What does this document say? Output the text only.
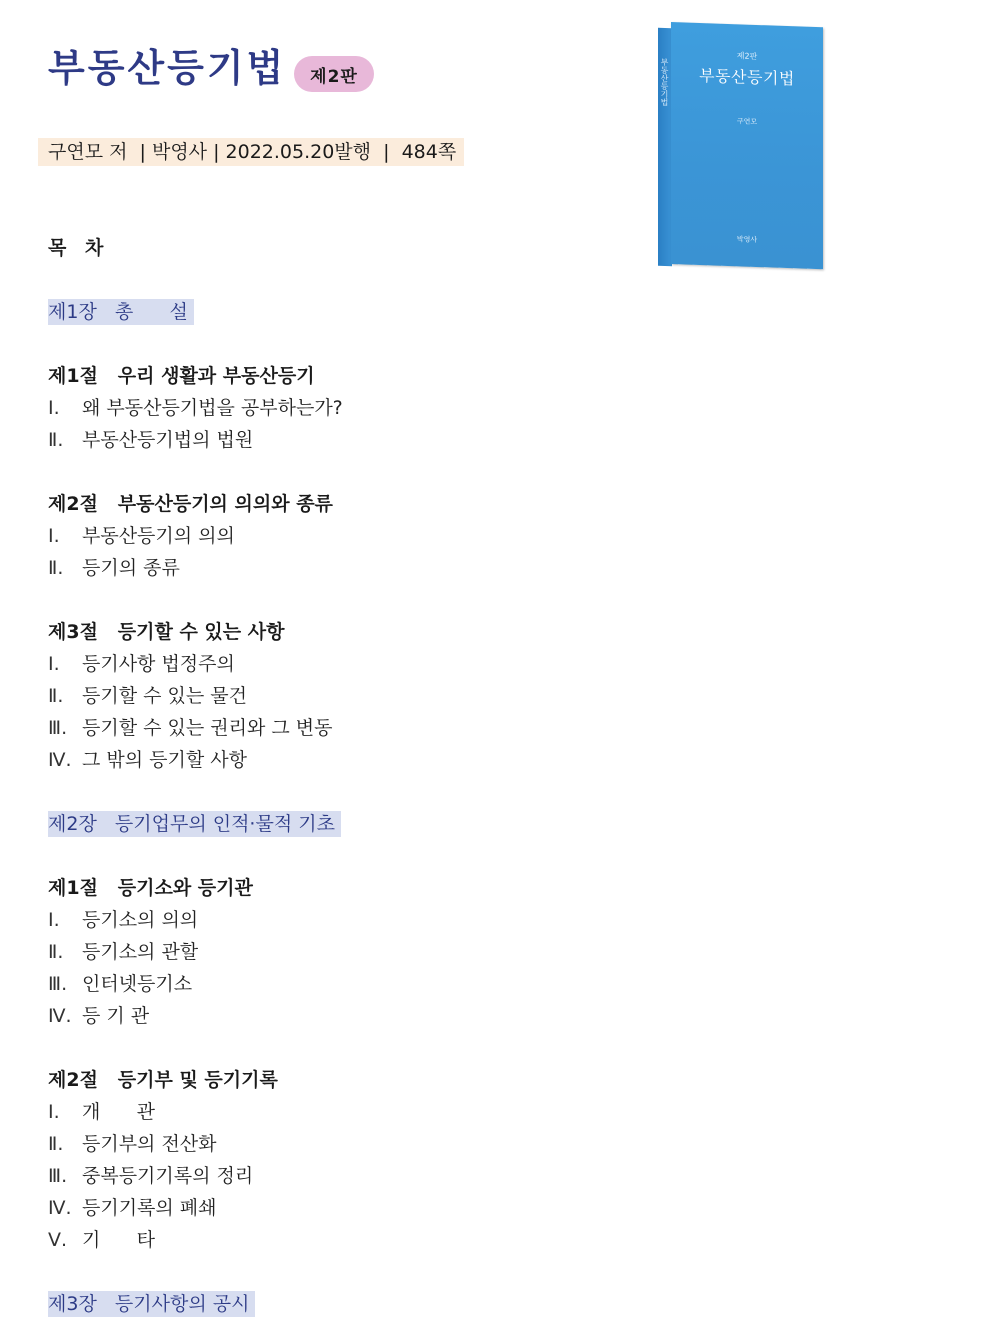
부동산등기법	제2판
구연모 저  | 박영사 | 2022.05.20발행  |  484쪽
부동산등기법
제2판
부동산등기법
구연모
박영사
목 차
제1장   총      설
제1절   우리 생활과 부동산등기
Ⅰ. 왜 부동산등기법을 공부하는가?
Ⅱ. 부동산등기법의 법원
제2절   부동산등기의 의의와 종류
Ⅰ. 부동산등기의 의의
Ⅱ. 등기의 종류
제3절   등기할 수 있는 사항
Ⅰ. 등기사항 법정주의
Ⅱ. 등기할 수 있는 물건
Ⅲ. 등기할 수 있는 권리와 그 변동
Ⅳ. 그 밖의 등기할 사항
제2장   등기업무의 인적·물적 기초
제1절   등기소와 등기관
Ⅰ. 등기소의 의의
Ⅱ. 등기소의 관할
Ⅲ. 인터넷등기소
Ⅳ. 등 기 관
제2절   등기부 및 등기기록
Ⅰ. 개      관
Ⅱ. 등기부의 전산화
Ⅲ. 중복등기기록의 정리
Ⅳ. 등기기록의 폐쇄
Ⅴ. 기      타
제3장   등기사항의 공시
